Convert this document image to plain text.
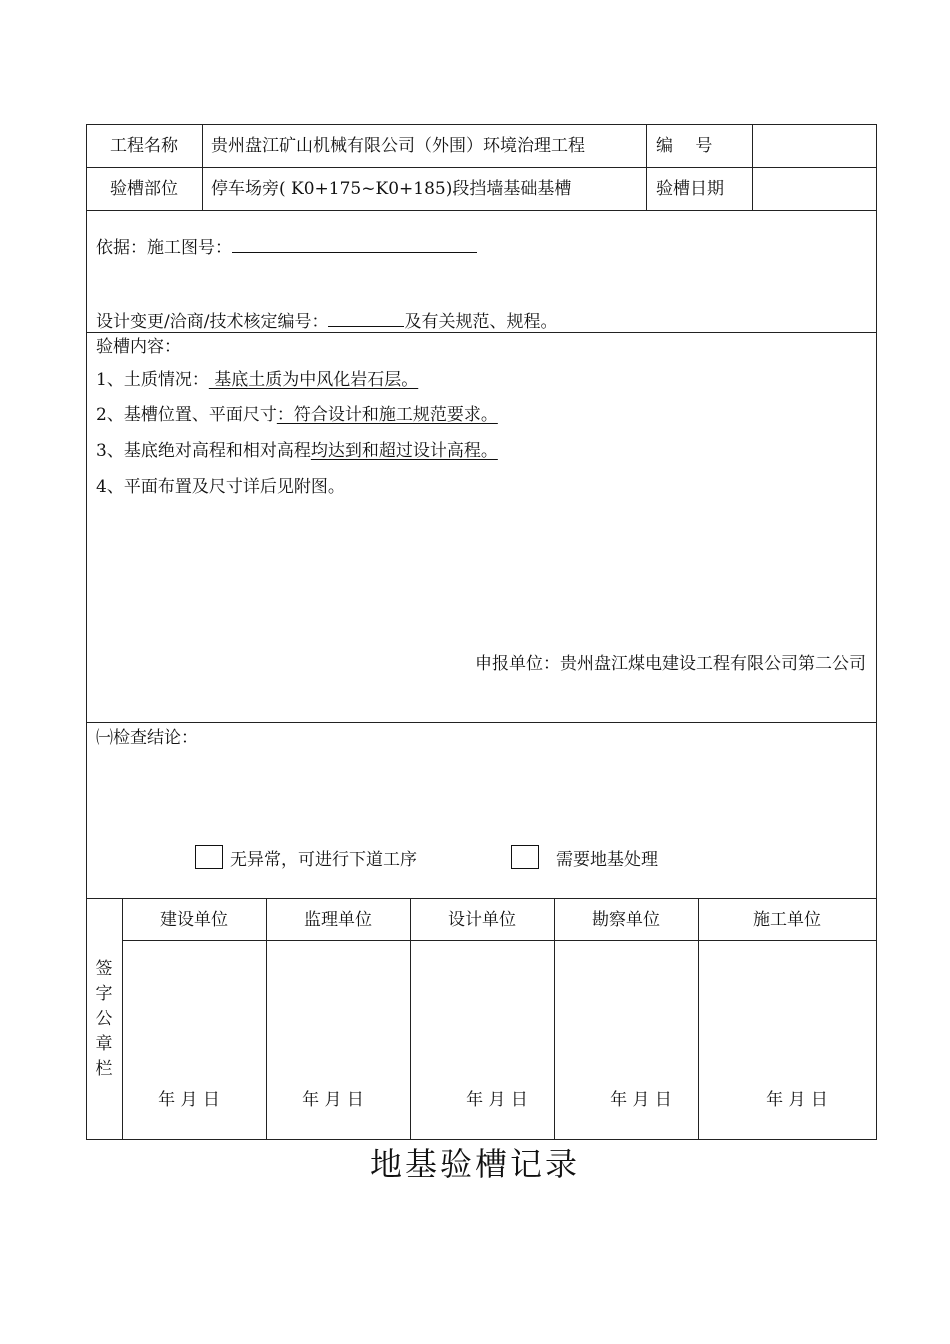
工程名称	贵州盘江矿山机械有限公司（外围）环境治理工程	编　 号
验槽部位	停车场旁( K0+175~K0+185)段挡墙基础基槽	验槽日期
依据：施工图号：
设计变更/洽商/技术核定编号：	及有关规范、规程。
验槽内容：
1、土质情况： 基底土质为中风化岩石层。
2、基槽位置、平面尺寸：符合设计和施工规范要求。
3、基底绝对高程和相对高程均达到和超过设计高程。
4、平面布置及尺寸详后见附图。
申报单位：贵州盘江煤电建设工程有限公司第二公司
㈠检查结论：
无异常，可进行下道工序	需要地基处理
签字公章栏
建设单位	监理单位	设计单位	勘察单位	施工单位
年 月 日	年 月 日	年 月 日	年 月 日	年 月 日
地基验槽记录
